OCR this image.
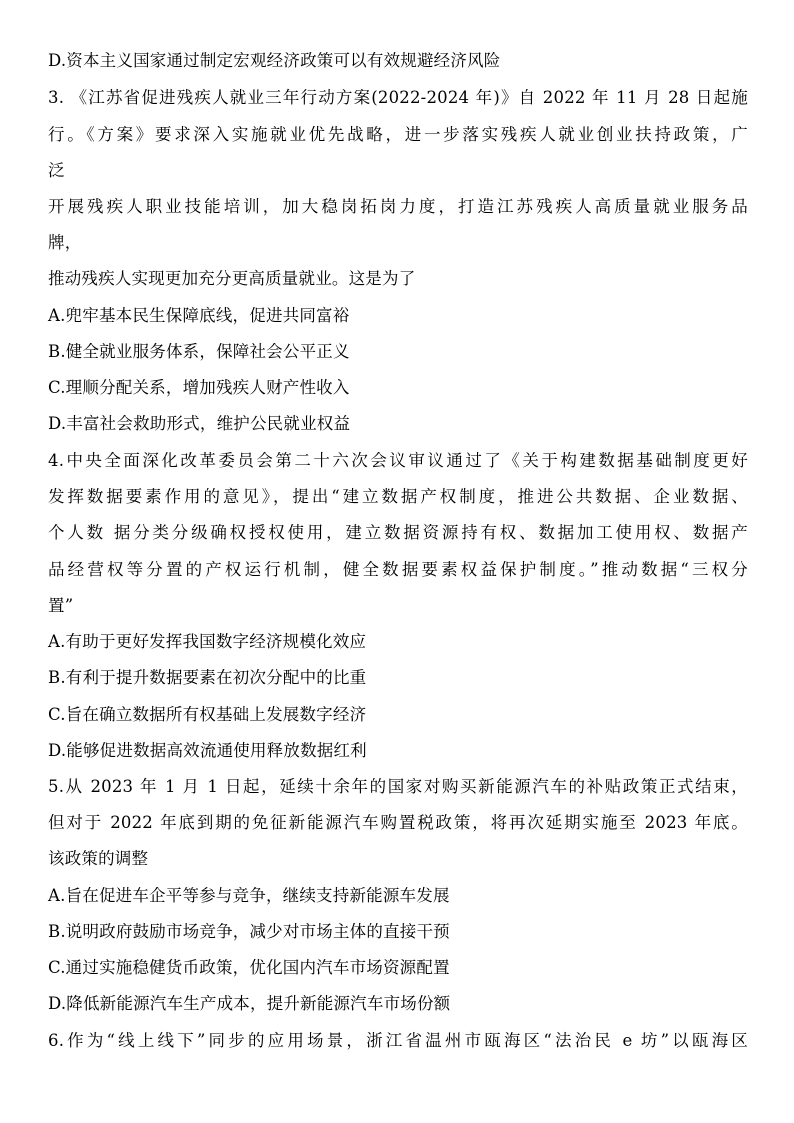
D.资本主义国家通过制定宏观经济政策可以有效规避经济风险
3. 《江苏省促进残疾人就业三年行动方案(2022-2024 年)》自 2022 年 11 月 28 日起施
行。《方案》要求深入实施就业优先战略，进一步落实残疾人就业创业扶持政策，广
泛
开展残疾人职业技能培训，加大稳岗拓岗力度，打造江苏残疾人高质量就业服务品
牌，
推动残疾人实现更加充分更高质量就业。这是为了
A.兜牢基本民生保障底线，促进共同富裕
B.健全就业服务体系，保障社会公平正义
C.理顺分配关系，增加残疾人财产性收入
D.丰富社会救助形式，维护公民就业权益
4.中央全面深化改革委员会第二十六次会议审议通过了《关于构建数据基础制度更好
发挥数据要素作用的意见》，提出“建立数据产权制度，推进公共数据、企业数据、
个人数 据分类分级确权授权使用，建立数据资源持有权、数据加工使用权、数据产
品经营权等分置的产权运行机制，健全数据要素权益保护制度。”推动数据“三权分
置”
A.有助于更好发挥我国数字经济规模化效应
B.有利于提升数据要素在初次分配中的比重
C.旨在确立数据所有权基础上发展数字经济
D.能够促进数据高效流通使用释放数据红利
5.从 2023 年 1 月 1 日起，延续十余年的国家对购买新能源汽车的补贴政策正式结束，
但对于 2022 年底到期的免征新能源汽车购置税政策，将再次延期实施至 2023 年底。
该政策的调整
A.旨在促进车企平等参与竞争，继续支持新能源车发展
B.说明政府鼓励市场竞争，减少对市场主体的直接干预
C.通过实施稳健货币政策，优化国内汽车市场资源配置
D.降低新能源汽车生产成本，提升新能源汽车市场份额
6.作为“线上线下”同步的应用场景，浙江省温州市瓯海区“法治民 e 坊”以瓯海区
